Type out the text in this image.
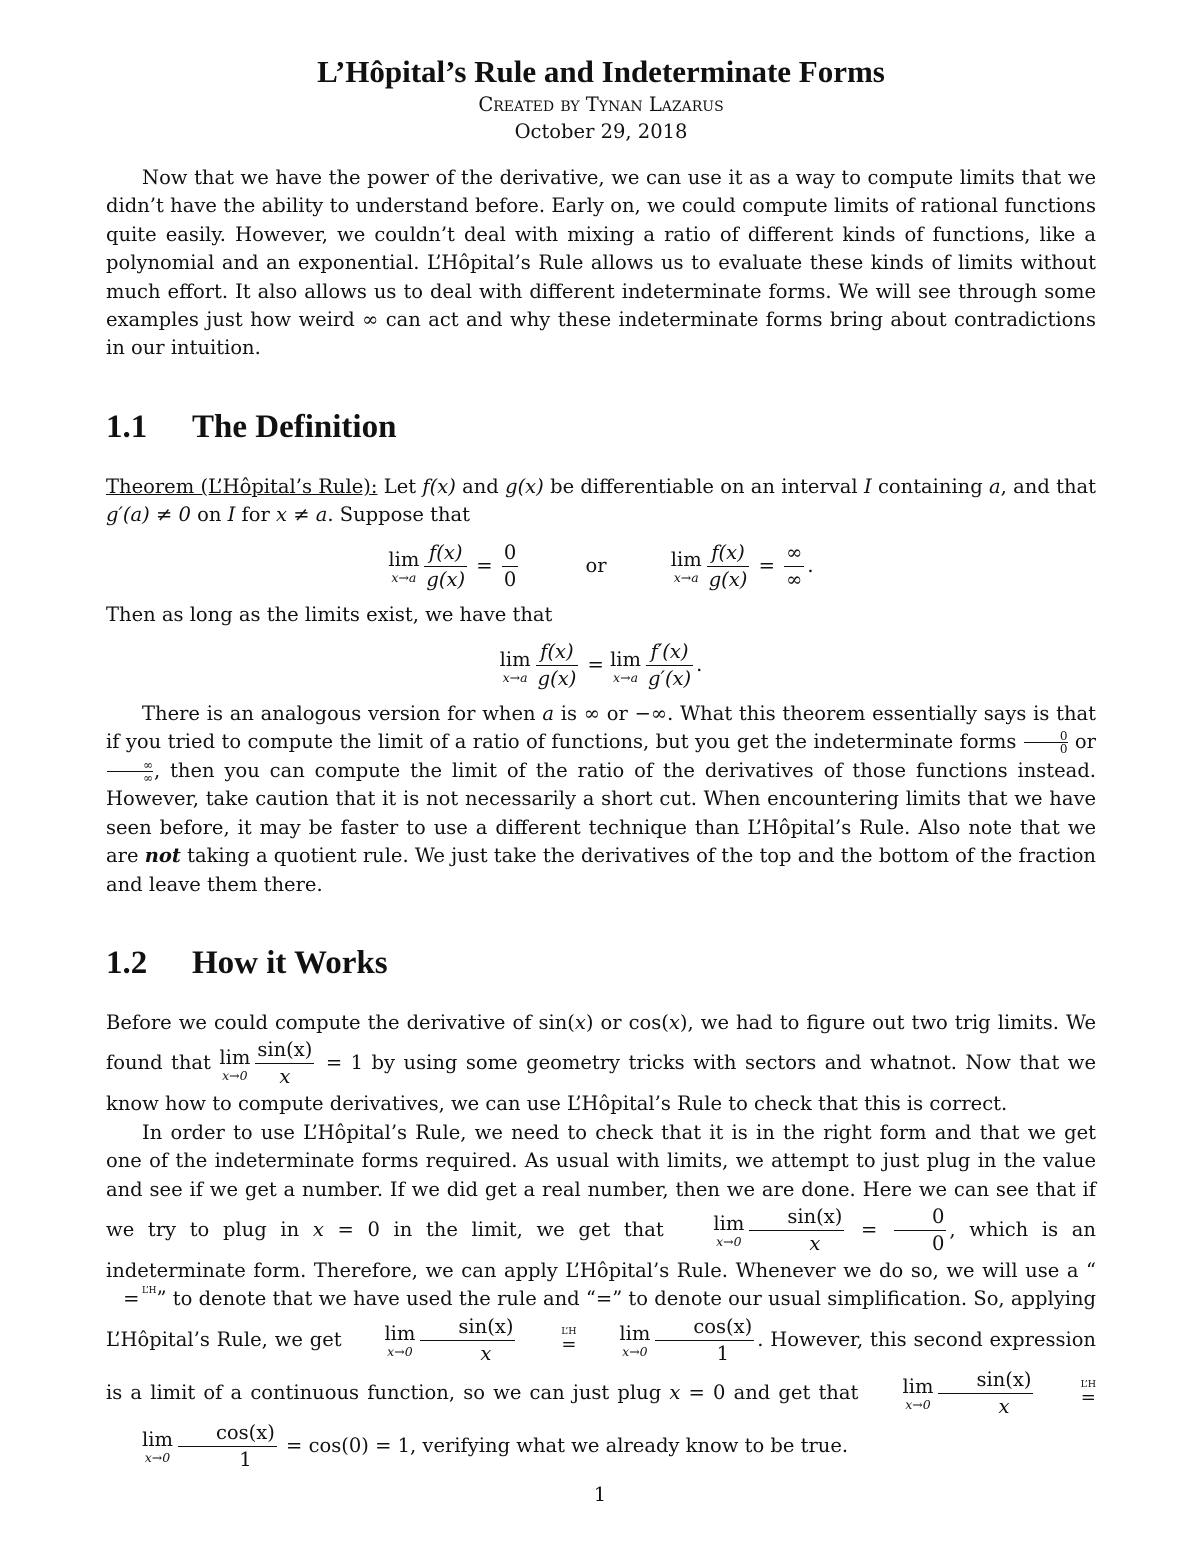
L’Hôpital’s Rule and Indeterminate Forms
Created by Tynan Lazarus
October 29, 2018

Now that we have the power of the derivative, we can use it as a way to compute limits that we didn’t have the ability to understand before. Early on, we could compute limits of rational functions quite easily. However, we couldn’t deal with mixing a ratio of different kinds of functions, like a polynomial and an exponential. L’Hôpital’s Rule allows us to evaluate these kinds of limits without much effort. It also allows us to deal with different indeterminate forms. We will see through some examples just how weird ∞ can act and why these indeterminate forms bring about contradictions in our intuition.

1.1 The Definition

Theorem (L’Hôpital’s Rule): Let f(x) and g(x) be differentiable on an interval I containing a, and that g′(a) ≠ 0 on I for x ≠ a. Suppose that

lim
$x\to a \frac{f(x)}{g(x)} = \frac{0}{0}$	or	lim
$x\to a \frac{f(x)}{g(x)} = \frac{\infty}{\infty}$ .

Then as long as the limits exist, we have that

lim
$x\to a \frac{f(x)}{g(x)} = \lim$
$x\to a \frac{f'(x)}{g'(x)}$ .

There is an analogous version for when a is ∞ or −∞. What this theorem essentially says is that if you tried to compute the limit of a ratio of functions, but you get the indeterminate forms $\frac{0}{0}$ or
∞
∞ , then you can compute the limit of the ratio of the derivatives of those functions instead. However, take caution that it is not necessarily a short cut. When encountering limits that we have seen before, it may be faster to use a different technique than L’Hôpital’s Rule. Also note that we are not taking a quotient rule. We just take the derivatives of the top and the bottom of the fraction and leave them there.

1.2 How it Works

Before we could compute the derivative of sin(x) or cos(x), we had to figure out two trig limits. We found that lim
$x\to 0 \frac{\sin(x)}{x} = 1$ by using some geometry tricks with sectors and whatnot. Now that we know how to compute derivatives, we can use L’Hôpital’s Rule to check that this is correct.

In order to use L’Hôpital’s Rule, we need to check that it is in the right form and that we get one of the indeterminate forms required. As usual with limits, we attempt to just plug in the value and see if we get a number. If we did get a real number, then we are done. Here we can see that if we try to plug in x = 0 in the limit, we get that	lim
$x\to 0 \frac{\sin(x)}{x} = \frac{0}{0}$ , which is an indeterminate form. Therefore, we can apply L’Hôpital’s Rule. Whenever we do so, we will use a “
L’H
= ” to denote that we have used the rule and “=” to denote our usual simplification. So, applying L’Hôpital’s Rule, we get	lim
$x\to 0 \frac{\sin(x)}{x}$
	L’H
=
	lim
$x\to 0 \frac{\cos(x)}{1}$ . However, this second expression is a limit of a continuous function, so we can just plug x = 0 and get that	lim
$x\to 0 \frac{\sin(x)}{x}$
	L’H
=

lim
$x\to 0 \frac{\cos(x)}{1} = \cos(0) = 1$, verifying what we already know to be true.

1
